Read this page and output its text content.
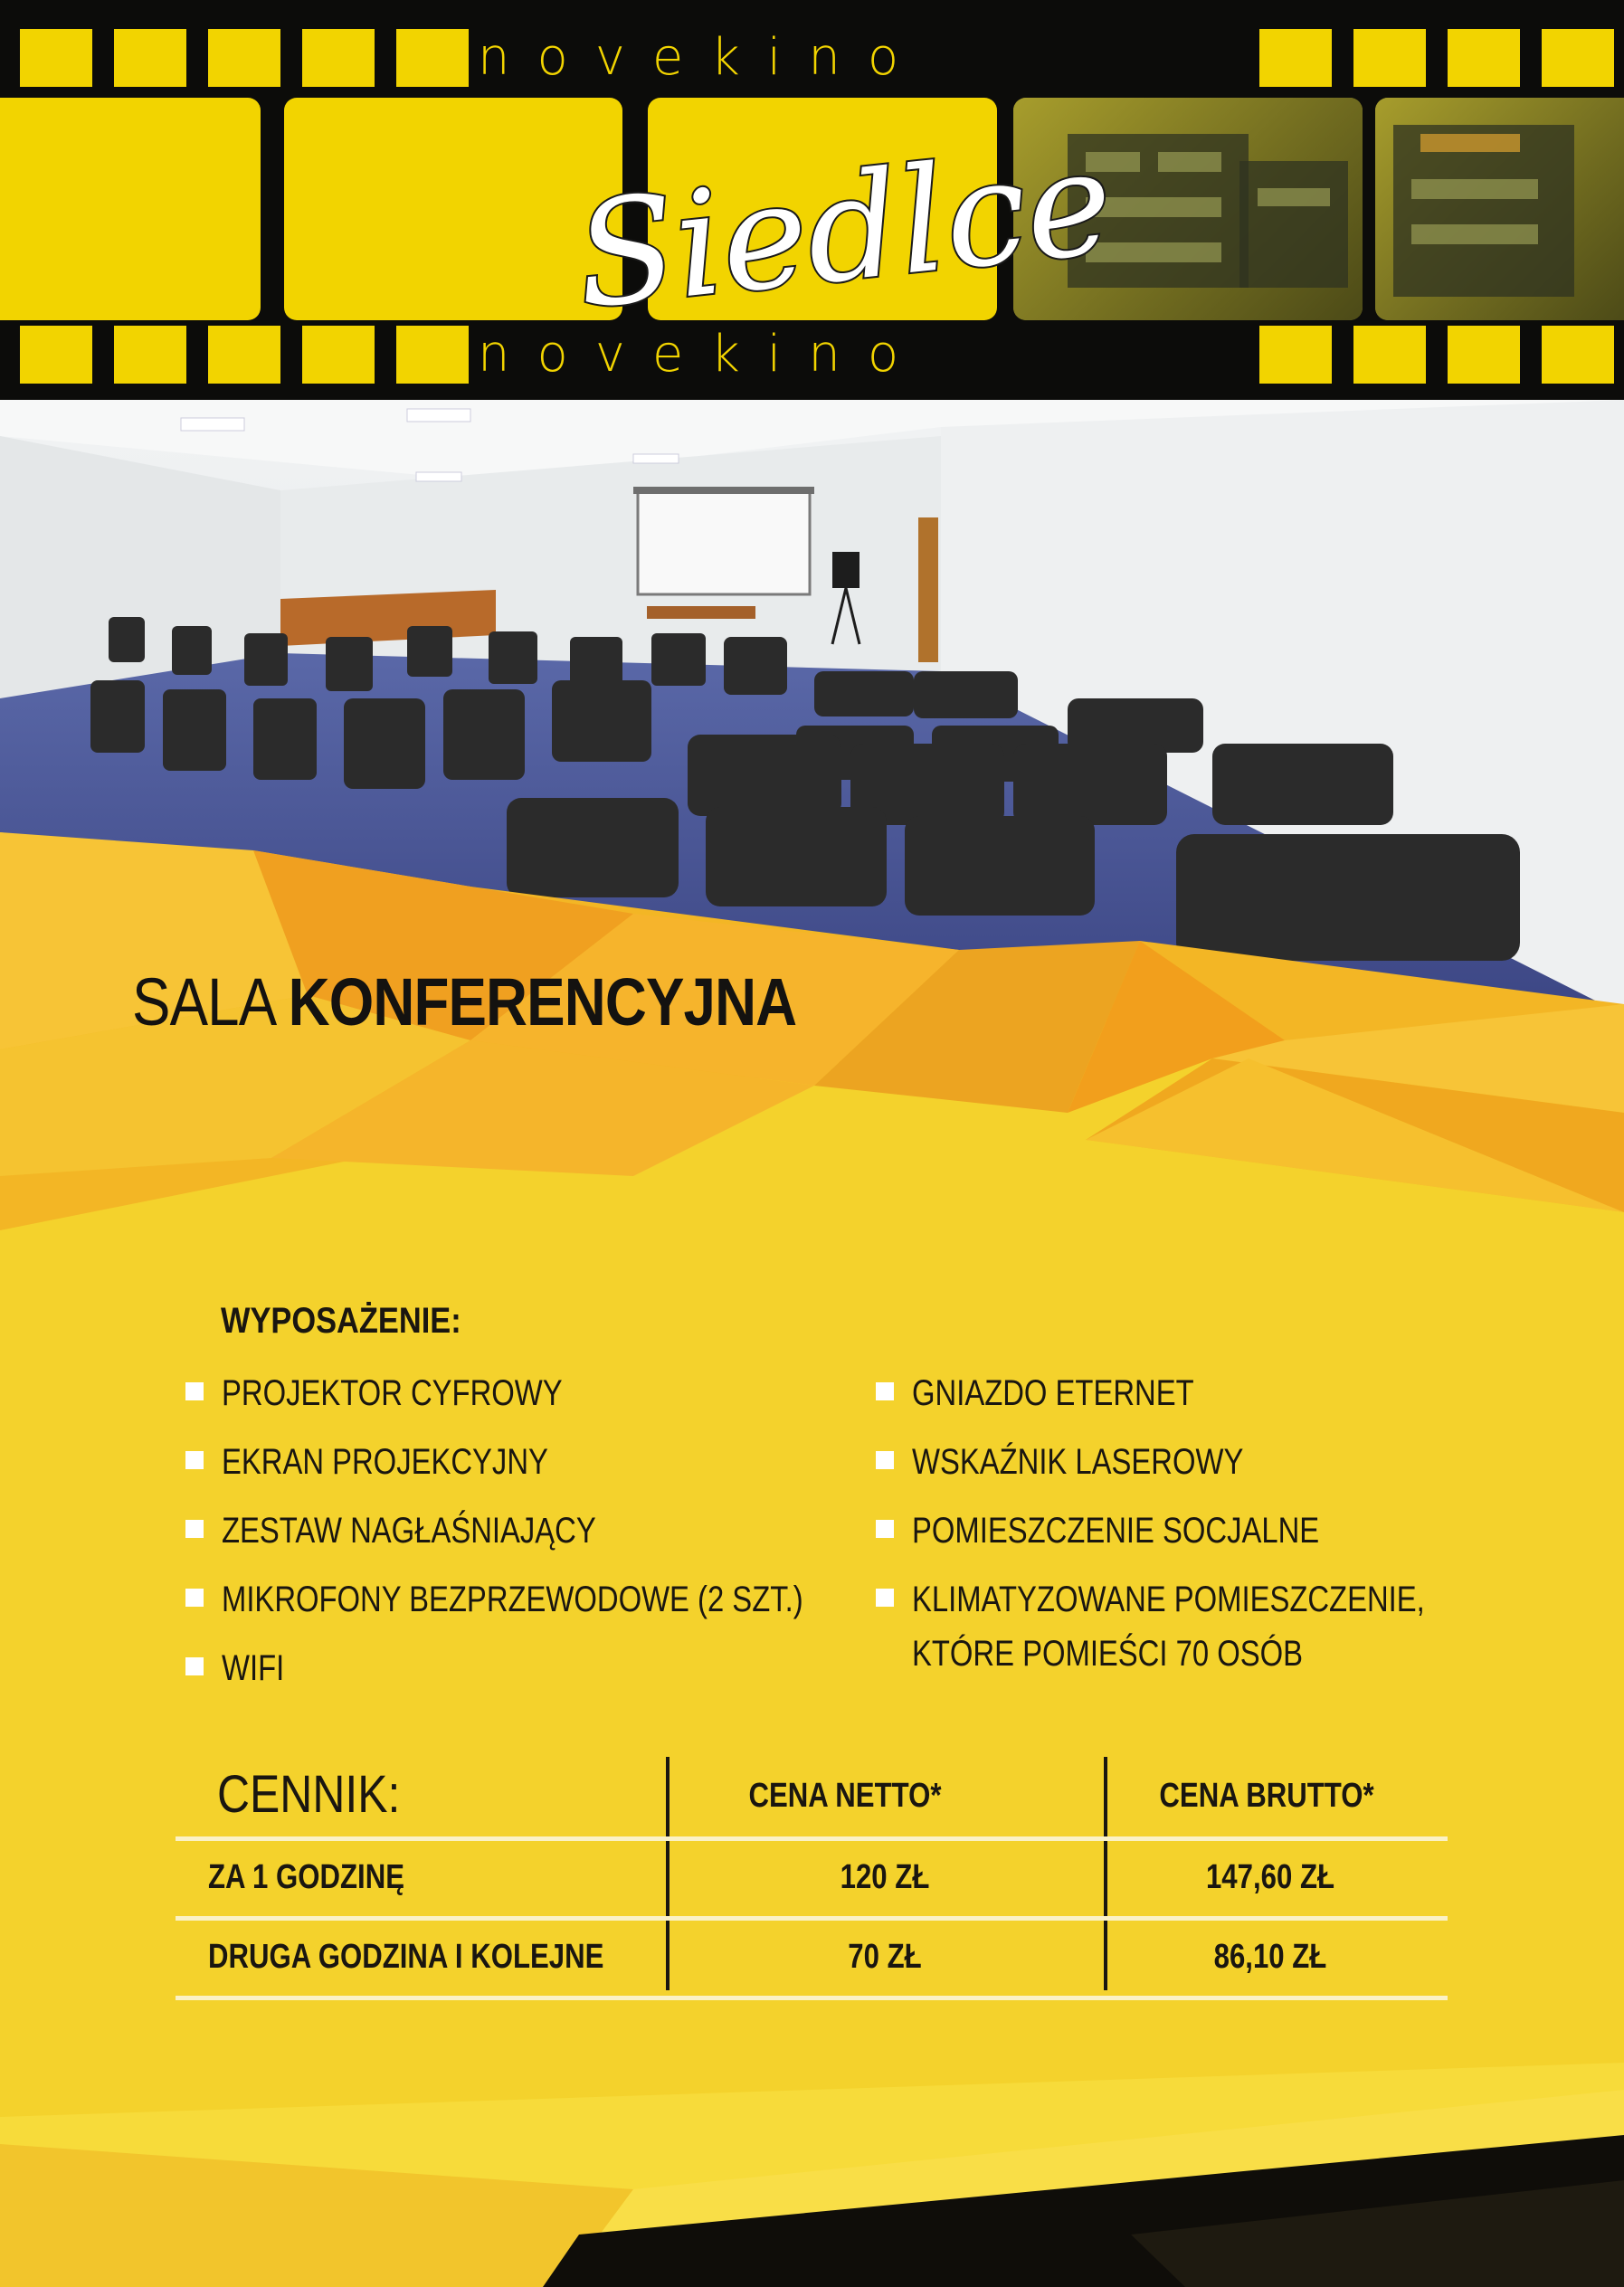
novekino
novekino
Siedlce
SALA KONFERENCYJNA
WYPOSAŻENIE:
PROJEKTOR CYFROWY
EKRAN PROJEKCYJNY
ZESTAW NAGŁAŚNIAJĄCY
MIKROFONY BEZPRZEWODOWE (2 SZT.)
WIFI
GNIAZDO ETERNET
WSKAŹNIK LASEROWY
POMIESZCZENIE SOCJALNE
KLIMATYZOWANE POMIESZCZENIE,
KTÓRE POMIEŚCI 70 OSÓB
CENNIK:	CENA NETTO*	CENA BRUTTO*
ZA 1 GODZINĘ	120 ZŁ	147,60 ZŁ
DRUGA GODZINA I KOLEJNE	70 ZŁ	86,10 ZŁ
